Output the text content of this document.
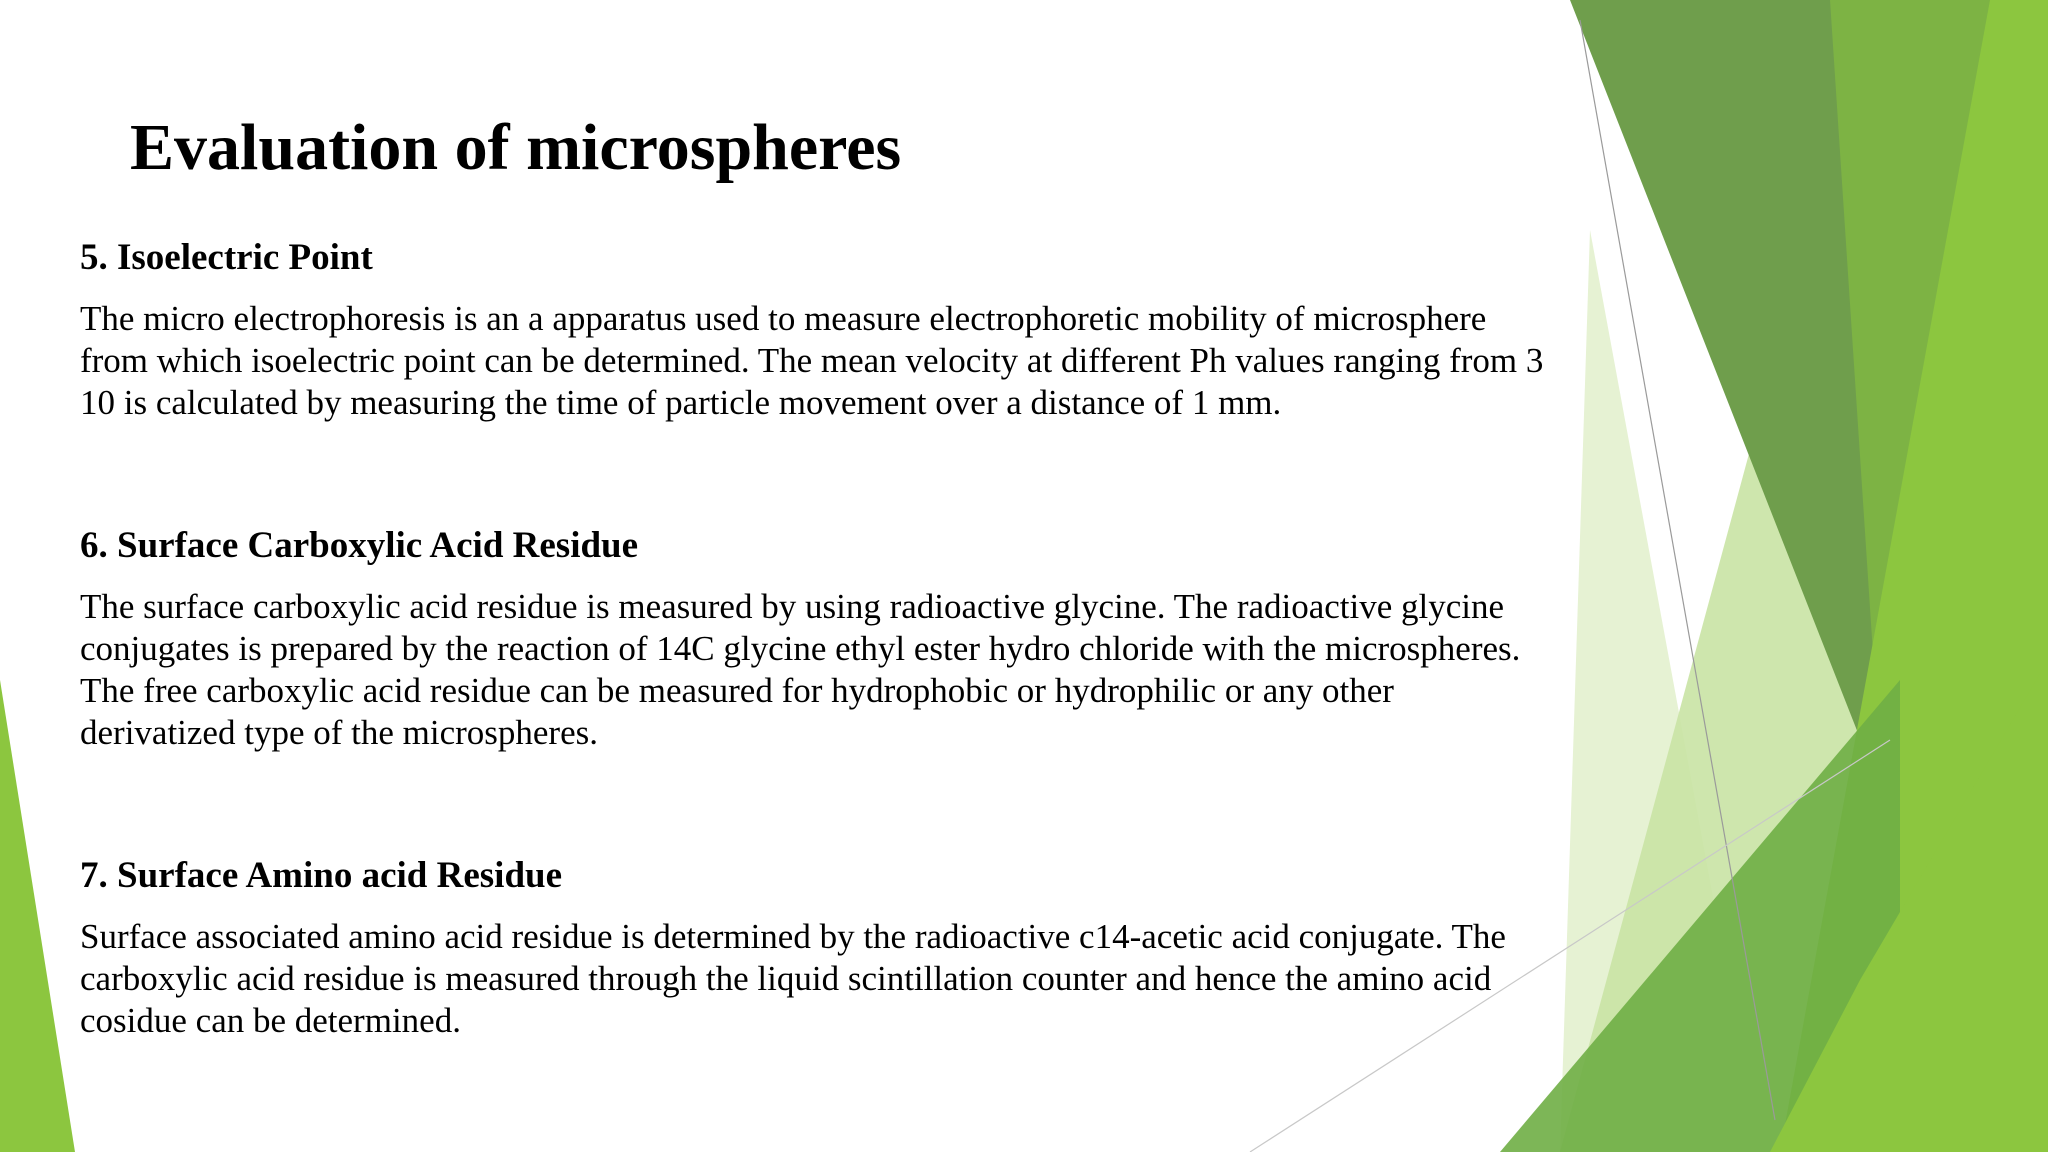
Evaluation of microspheres

5. Isoelectric Point

The micro electrophoresis is an a apparatus used to measure electrophoretic mobility of microsphere from which isoelectric point can be determined. The mean velocity at different Ph values ranging from 3 10 is calculated by measuring the time of particle movement over a distance of 1 mm.

6. Surface Carboxylic Acid Residue

The surface carboxylic acid residue is measured by using radioactive glycine. The radioactive glycine conjugates is prepared by the reaction of 14C glycine ethyl ester hydro chloride with the microspheres. The free carboxylic acid residue can be measured for hydrophobic or hydrophilic or any other derivatized type of the microspheres.

7. Surface Amino acid Residue

Surface associated amino acid residue is determined by the radioactive c14-acetic acid conjugate. The carboxylic acid residue is measured through the liquid scintillation counter and hence the amino acid cosidue can be determined.
